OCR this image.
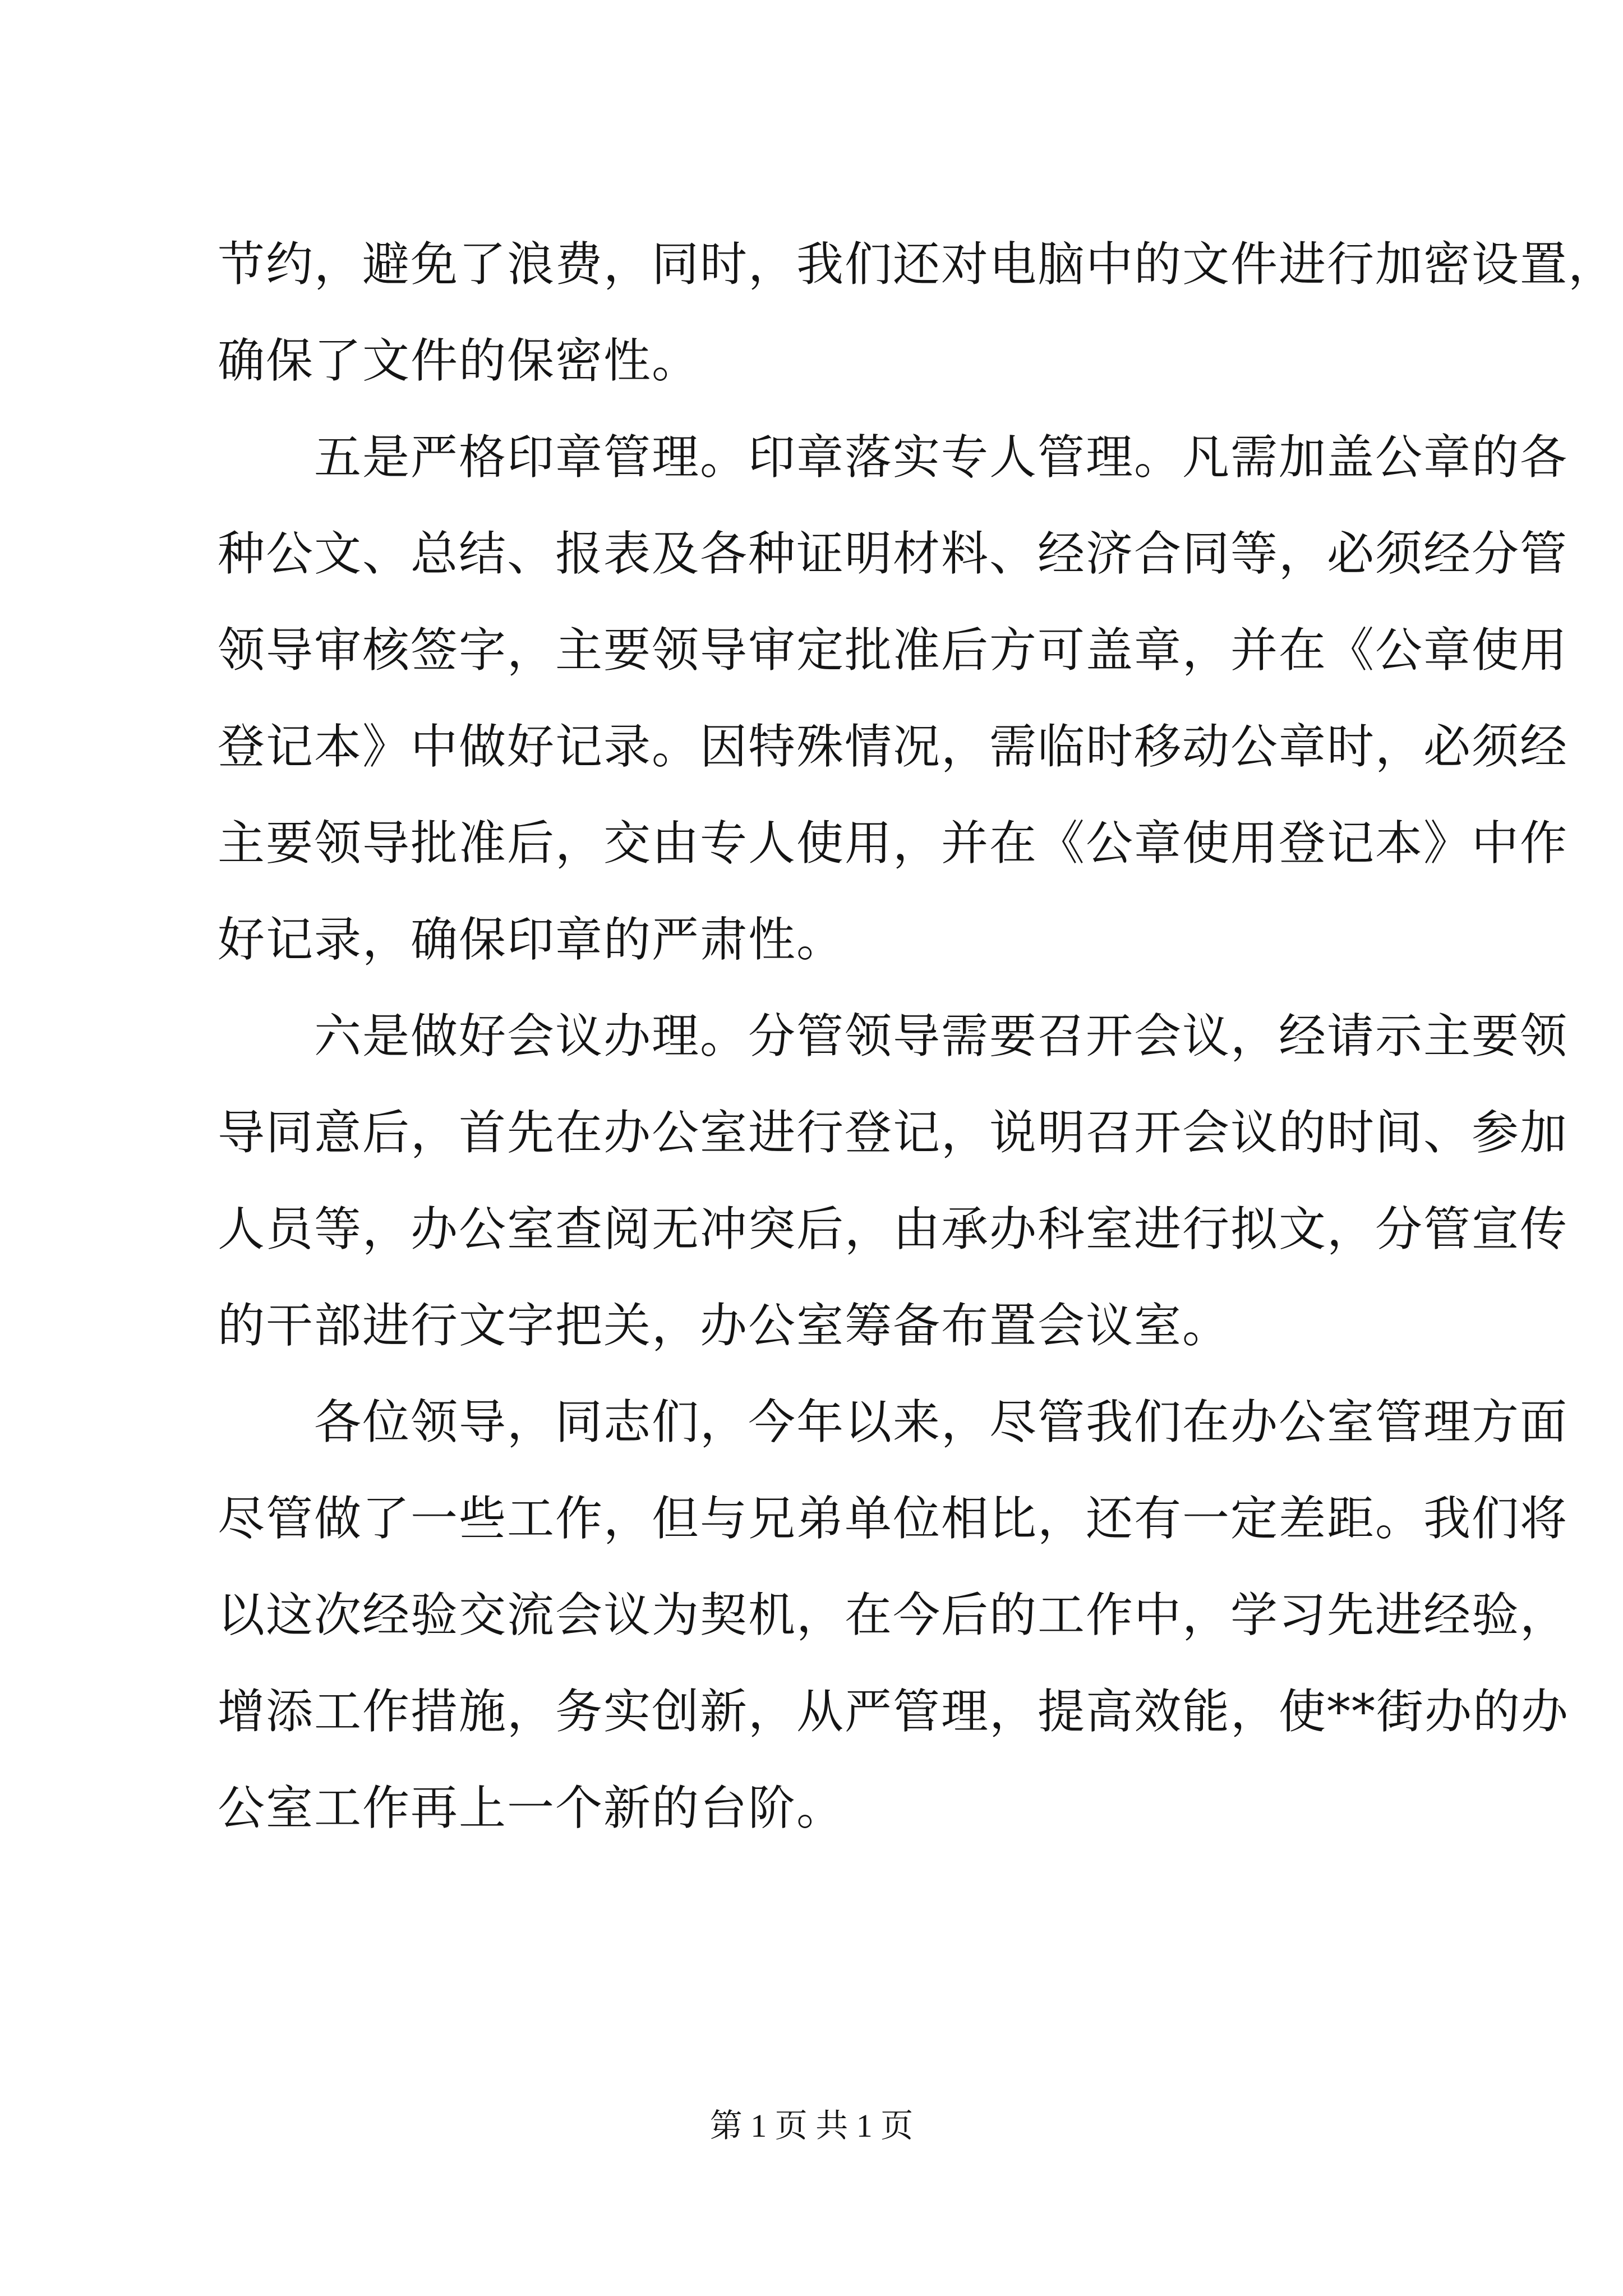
节约，避免了浪费，同时，我们还对电脑中的文件进行加密设置，
确保了文件的保密性。
　　五是严格印章管理。印章落实专人管理。凡需加盖公章的各
种公文、总结、报表及各种证明材料、经济合同等，必须经分管
领导审核签字，主要领导审定批准后方可盖章，并在《公章使用
登记本》中做好记录。因特殊情况，需临时移动公章时，必须经
主要领导批准后，交由专人使用，并在《公章使用登记本》中作
好记录，确保印章的严肃性。
　　六是做好会议办理。分管领导需要召开会议，经请示主要领
导同意后，首先在办公室进行登记，说明召开会议的时间、参加
人员等，办公室查阅无冲突后，由承办科室进行拟文，分管宣传
的干部进行文字把关，办公室筹备布置会议室。
　　各位领导，同志们，今年以来，尽管我们在办公室管理方面
尽管做了一些工作，但与兄弟单位相比，还有一定差距。我们将
以这次经验交流会议为契机，在今后的工作中，学习先进经验，
增添工作措施，务实创新，从严管理，提高效能，使**街办的办
公室工作再上一个新的台阶。
第 1 页 共 1 页
